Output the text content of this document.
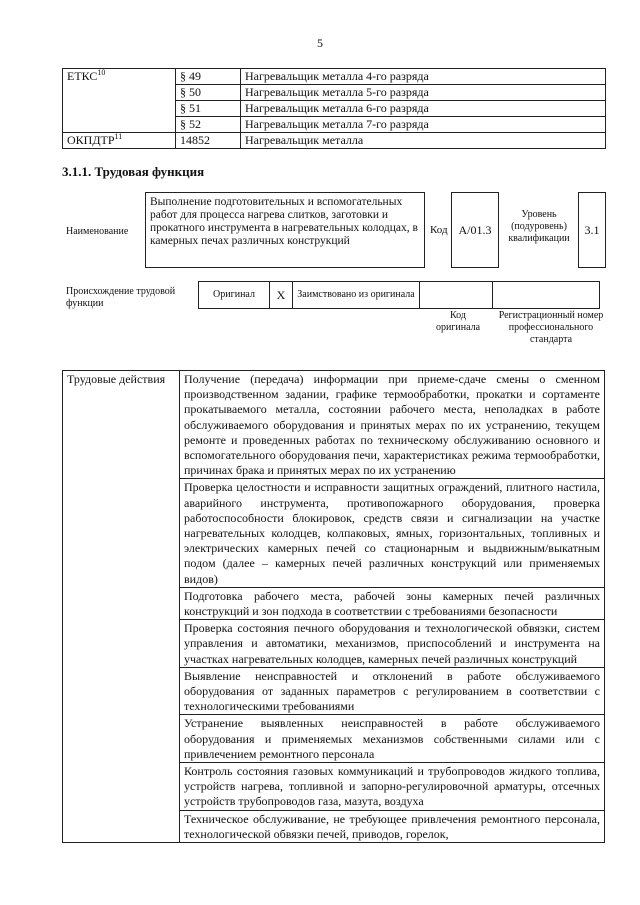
5
ЕТКС$^{10}$	§ 49	Нагревальщик металла 4-го разряда
	§ 50	Нагревальщик металла 5-го разряда
	§ 51	Нагревальщик металла 6-го разряда
	§ 52	Нагревальщик металла 7-го разряда
ОКПДТР$^{11}$	14852	Нагревальщик металла
3.1.1. Трудовая функция
Наименование
Выполнение подготовительных и вспомогательных работ для процесса нагрева слитков, заготовки и прокатного инструмента в нагревательных колодцах, в камерных печах различных конструкций
Код A/01.3
Уровень (подуровень) квалификации
3.1
Происхождение трудовой функции
Оригинал	X	Заимствовано из оригинала		
Код оригинала
Регистрационный номер профессионального стандарта
Трудовые действия	Получение (передача) информации при приеме-сдаче смены о сменном производственном задании, графике термообработки, прокатки и сортаменте прокатываемого металла, состоянии рабочего места, неполадках в работе обслуживаемого оборудования и принятых мерах по их устранению, текущем ремонте и проведенных работах по техническому обслуживанию основного и вспомогательного оборудования печи, характеристиках режима термообработки, причинах брака и принятых мерах по их устранению
Проверка целостности и исправности защитных ограждений, плитного настила, аварийного инструмента, противопожарного оборудования, проверка работоспособности блокировок, средств связи и сигнализации на участке нагревательных колодцев, колпаковых, ямных, горизонтальных, топливных и электрических камерных печей со стационарным и выдвижным/выкатным подом (далее – камерных печей различных конструкций или применяемых видов)
Подготовка рабочего места, рабочей зоны камерных печей различных конструкций и зон подхода в соответствии с требованиями безопасности
Проверка состояния печного оборудования и технологической обвязки, систем управления и автоматики, механизмов, приспособлений и инструмента на участках нагревательных колодцев, камерных печей различных конструкций
Выявление неисправностей и отклонений в работе обслуживаемого оборудования от заданных параметров с регулированием в соответствии с технологическими требованиями
Устранение выявленных неисправностей в работе обслуживаемого оборудования и применяемых механизмов собственными силами или с привлечением ремонтного персонала
Контроль состояния газовых коммуникаций и трубопроводов жидкого топлива, устройств нагрева, топливной и запорно-регулировочной арматуры, отсечных устройств трубопроводов газа, мазута, воздуха
Техническое обслуживание, не требующее привлечения ремонтного персонала, технологической обвязки печей, приводов, горелок,
